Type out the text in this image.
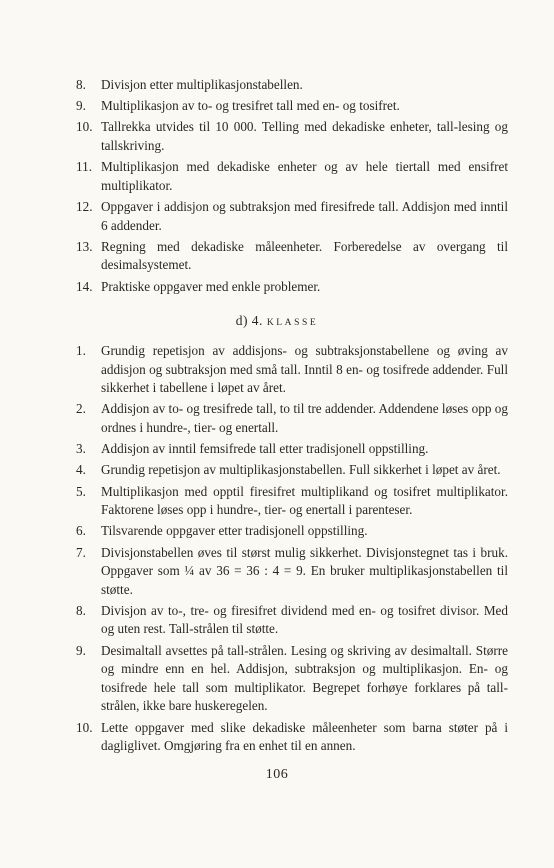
8.	Divisjon etter multiplikasjonstabellen.
9.	Multiplikasjon av to- og tresifret tall med en- og tosifret.
10. Tallrekka utvides til 10 000. Telling med dekadiske enheter, tall-lesing og tallskriving.
11. Multiplikasjon med dekadiske enheter og av hele tiertall med ensifret multiplikator.
12. Oppgaver i addisjon og subtraksjon med firesifrede tall. Addisjon med inntil 6 addender.
13. Regning med dekadiske måleenheter. Forberedelse av overgang til desimalsystemet.
14. Praktiske oppgaver med enkle problemer.
d) 4. KLASSE
1.	Grundig repetisjon av addisjons- og subtraksjonstabellene og øving av addisjon og subtraksjon med små tall. Inntil 8 en- og tosifrede addender. Full sikkerhet i tabellene i løpet av året.
2.	Addisjon av to- og tresifrede tall, to til tre addender. Addendene løses opp og ordnes i hundre-, tier- og enertall.
3.	Addisjon av inntil femsifrede tall etter tradisjonell oppstilling.
4.	Grundig repetisjon av multiplikasjonstabellen. Full sikkerhet i løpet av året.
5.	Multiplikasjon med opptil firesifret multiplikand og tosifret multiplikator. Faktorene løses opp i hundre-, tier- og enertall i parenteser.
6.	Tilsvarende oppgaver etter tradisjonell oppstilling.
7.	Divisjonstabellen øves til størst mulig sikkerhet. Divisjonstegnet tas i bruk. Oppgaver som ¼ av 36 = 36 : 4 = 9. En bruker multiplikasjonstabellen til støtte.
8.	Divisjon av to-, tre- og firesifret dividend med en- og tosifret divisor. Med og uten rest. Tall-strålen til støtte.
9.	Desimaltall avsettes på tall-strålen. Lesing og skriving av desimaltall. Større og mindre enn en hel. Addisjon, subtraksjon og multiplikasjon. En- og tosifrede hele tall som multiplikator. Begrepet forhøye forklares på tall-strålen, ikke bare huskeregelen.
10. Lette oppgaver med slike dekadiske måleenheter som barna støter på i dagliglivet. Omgjøring fra en enhet til en annen.
106
